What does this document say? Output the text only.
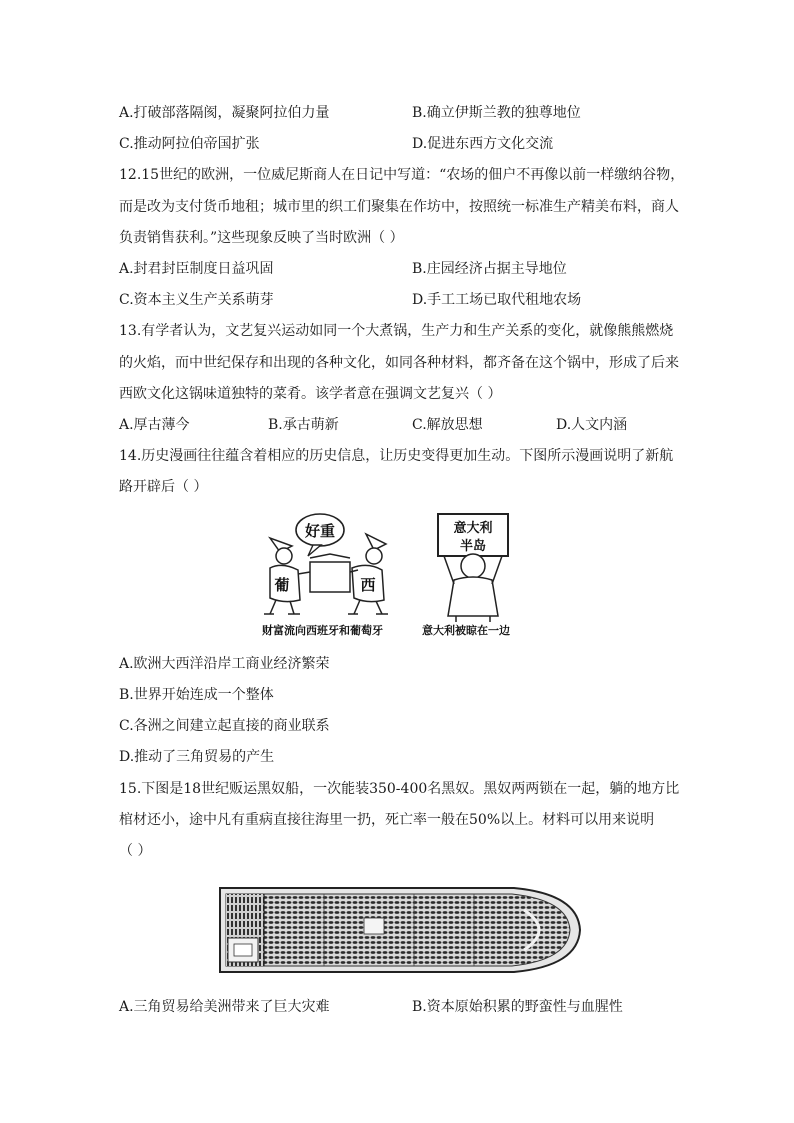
A.打破部落隔阂，凝聚阿拉伯力量	B.确立伊斯兰教的独尊地位
C.推动阿拉伯帝国扩张	D.促进东西方文化交流
12.15世纪的欧洲，一位威尼斯商人在日记中写道：“农场的佃户不再像以前一样缴纳谷物，
而是改为支付货币地租；城市里的织工们聚集在作坊中，按照统一标准生产精美布料，商人
负责销售获利。”这些现象反映了当时欧洲（ ）
A.封君封臣制度日益巩固	B.庄园经济占据主导地位
C.资本主义生产关系萌芽	D.手工工场已取代租地农场
13.有学者认为，文艺复兴运动如同一个大煮锅，生产力和生产关系的变化，就像熊熊燃烧
的火焰，而中世纪保存和出现的各种文化，如同各种材料，都齐备在这个锅中，形成了后来
西欧文化这锅味道独特的菜肴。该学者意在强调文艺复兴（ ）
A.厚古薄今	B.承古萌新	C.解放思想	D.人文内涵
14.历史漫画往往蕴含着相应的历史信息，让历史变得更加生动。下图所示漫画说明了新航
路开辟后（ ）
好重
葡	西
意大利
半岛
财富流向西班牙和葡萄牙	意大利被晾在一边
A.欧洲大西洋沿岸工商业经济繁荣
B.世界开始连成一个整体
C.各洲之间建立起直接的商业联系
D.推动了三角贸易的产生
15.下图是18世纪贩运黑奴船，一次能装350-400名黑奴。黑奴两两锁在一起，躺的地方比
棺材还小，途中凡有重病直接往海里一扔，死亡率一般在50%以上。材料可以用来说明
（ ）
A.三角贸易给美洲带来了巨大灾难	B.资本原始积累的野蛮性与血腥性
